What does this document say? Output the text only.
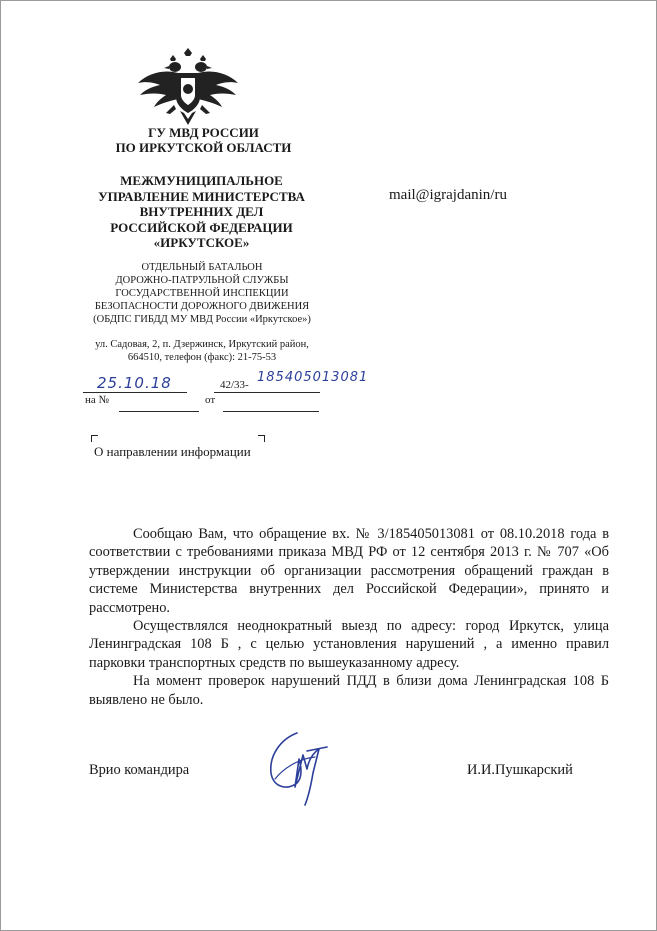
ГУ МВД РОССИИ
ПО ИРКУТСКОЙ ОБЛАСТИ
МЕЖМУНИЦИПАЛЬНОЕ
УПРАВЛЕНИЕ МИНИСТЕРСТВА
ВНУТРЕННИХ ДЕЛ
РОССИЙСКОЙ ФЕДЕРАЦИИ
«ИРКУТСКОЕ»
ОТДЕЛЬНЫЙ БАТАЛЬОН
ДОРОЖНО-ПАТРУЛЬНОЙ СЛУЖБЫ
ГОСУДАРСТВЕННОЙ ИНСПЕКЦИИ
БЕЗОПАСНОСТИ ДОРОЖНОГО ДВИЖЕНИЯ
(ОБДПС ГИБДД МУ МВД России «Иркутское»)
ул. Садовая, 2, п. Дзержинск, Иркутский район,
664510, телефон (факс): 21-75-53
mail@igrajdanin/ru
25.10.18	42/33- 185405013081
на №	от
О направлении информации

Сообщаю Вам, что обращение вх. № 3/185405013081 от 08.10.2018 года в соответствии с требованиями приказа МВД РФ от 12 сентября 2013 г. № 707 «Об утверждении инструкции об организации рассмотрения обращений граждан в системе Министерства внутренних дел Российской Федерации», принято и рассмотрено.

Осуществлялся неоднократный выезд по адресу: город Иркутск, улица Ленинградская 108 Б , с целью установления нарушений , а именно правил парковки транспортных средств по вышеуказанному адресу.

На момент проверок нарушений ПДД в близи дома Ленинградская 108 Б выявлено не было.

Врио командира	И.И.Пушкарский
